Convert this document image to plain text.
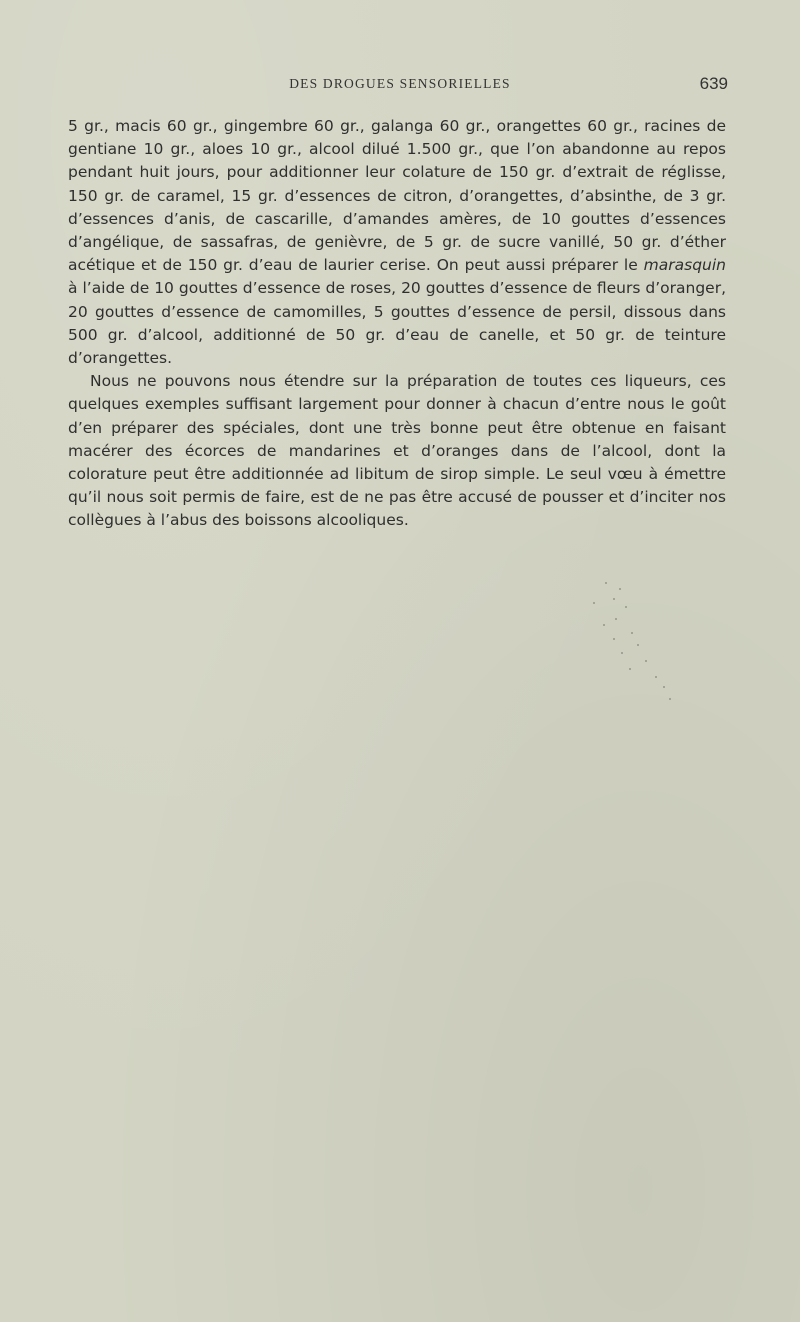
DES DROGUES SENSORIELLES	639

5 gr., macis 60 gr., gingembre 60 gr., galanga 60 gr., orangettes 60 gr., racines de gentiane 10 gr., aloes 10 gr., alcool dilué 1.500 gr., que l’on abandonne au repos pendant huit jours, pour additionner leur colature de 150 gr. d’extrait de réglisse, 150 gr. de caramel, 15 gr. d’essences de citron, d’orangettes, d’absinthe, de 3 gr. d’essences d’anis, de cascarille, d’amandes amères, de 10 gouttes d’essences d’angélique, de sassafras, de genièvre, de 5 gr. de sucre vanillé, 50 gr. d’éther acétique et de 150 gr. d’eau de laurier cerise. On peut aussi préparer le marasquin à l’aide de 10 gouttes d’essence de roses, 20 gouttes d’essence de fleurs d’oranger, 20 gouttes d’essence de camomilles, 5 gouttes d’essence de persil, dissous dans 500 gr. d’alcool, additionné de 50 gr. d’eau de canelle, et 50 gr. de teinture d’orangettes.

Nous ne pouvons nous étendre sur la préparation de toutes ces liqueurs, ces quelques exemples suffisant largement pour donner à chacun d’entre nous le goût d’en préparer des spéciales, dont une très bonne peut être obtenue en faisant macérer des écorces de mandarines et d’oranges dans de l’alcool, dont la colorature peut être additionnée ad libitum de sirop simple. Le seul vœu à émettre qu’il nous soit permis de faire, est de ne pas être accusé de pousser et d’inciter nos collègues à l’abus des boissons alcooliques.
